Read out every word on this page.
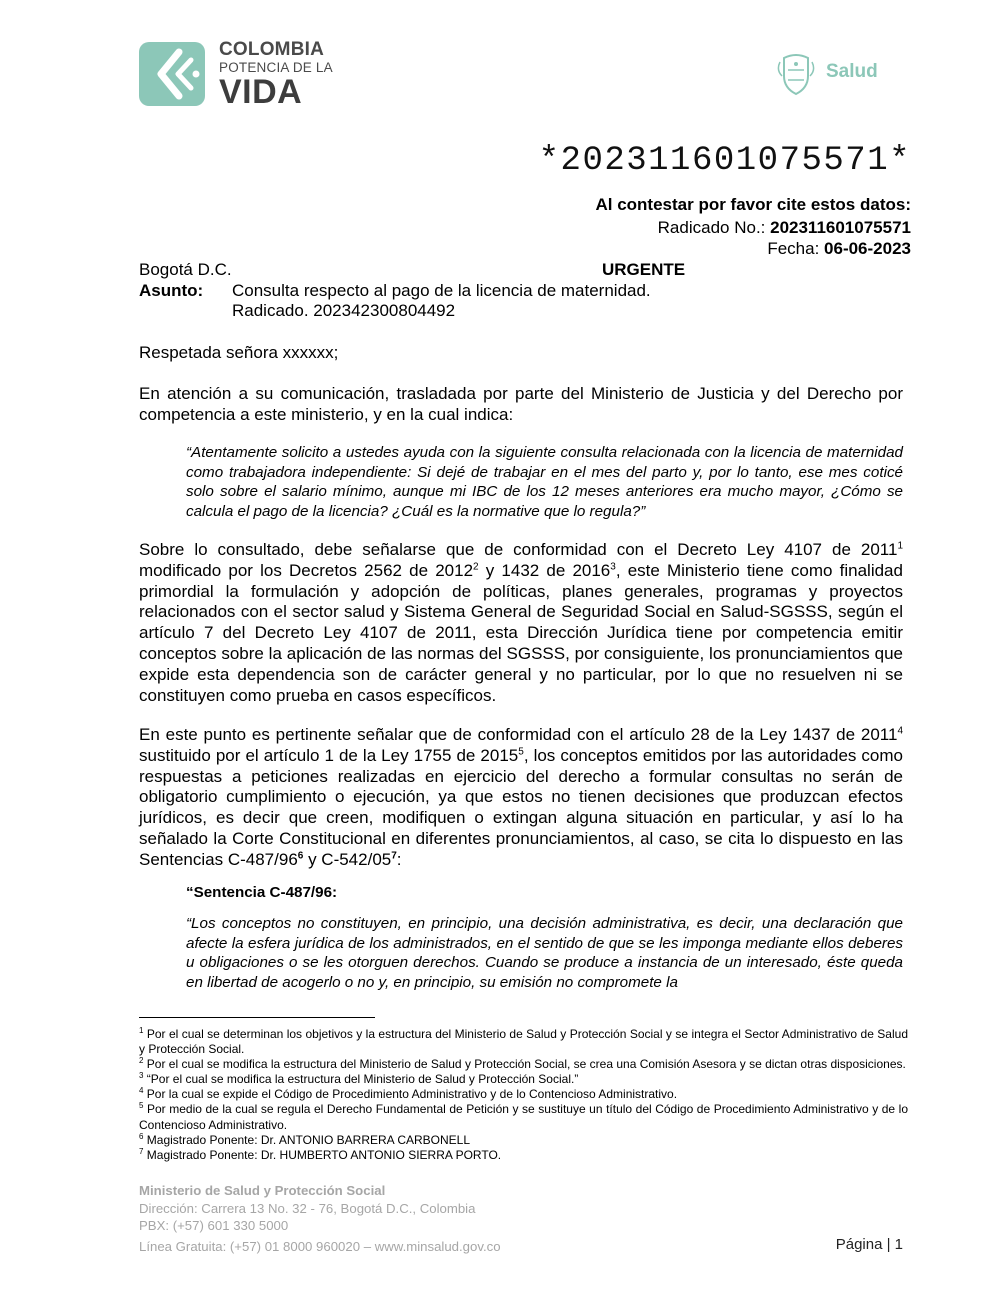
COLOMBIA
POTENCIA DE LA
VIDA
Salud
*202311601075571*
Al contestar por favor cite estos datos:
Radicado No.: 202311601075571
Fecha: 06-06-2023
Bogotá D.C.	URGENTE
Asunto: Consulta respecto al pago de la licencia de maternidad.
Radicado. 202342300804492
Respetada señora xxxxxx;
En atención a su comunicación, trasladada por parte del Ministerio de Justicia y del Derecho por competencia a este ministerio, y en la cual indica:
“Atentamente solicito a ustedes ayuda con la siguiente consulta relacionada con la licencia de maternidad como trabajadora independiente: Si dejé de trabajar en el mes del parto y, por lo tanto, ese mes coticé solo sobre el salario mínimo, aunque mi IBC de los 12 meses anteriores era mucho mayor, ¿Cómo se calcula el pago de la licencia? ¿Cuál es la normative que lo regula?”
Sobre lo consultado, debe señalarse que de conformidad con el Decreto Ley 4107 de 2011$^1$ modificado por los Decretos 2562 de 2012$^2$ y 1432 de 2016$^3$, este Ministerio tiene como finalidad primordial la formulación y adopción de políticas, planes generales, programas y proyectos relacionados con el sector salud y Sistema General de Seguridad Social en Salud-SGSSS, según el artículo 7 del Decreto Ley 4107 de 2011, esta Dirección Jurídica tiene por competencia emitir conceptos sobre la aplicación de las normas del SGSSS, por consiguiente, los pronunciamientos que expide esta dependencia son de carácter general y no particular, por lo que no resuelven ni se constituyen como prueba en casos específicos.
En este punto es pertinente señalar que de conformidad con el artículo 28 de la Ley 1437 de 2011$^4$ sustituido por el artículo 1 de la Ley 1755 de 2015$^5$, los conceptos emitidos por las autoridades como respuestas a peticiones realizadas en ejercicio del derecho a formular consultas no serán de obligatorio cumplimiento o ejecución, ya que estos no tienen decisiones que produzcan efectos jurídicos, es decir que creen, modifiquen o extingan alguna situación en particular, y así lo ha señalado la Corte Constitucional en diferentes pronunciamientos, al caso, se cita lo dispuesto en las Sentencias $C-487/96^6$ y $C-542/05^7$:
“Sentencia C-487/96:
“Los conceptos no constituyen, en principio, una decisión administrativa, es decir, una declaración que afecte la esfera jurídica de los administrados, en el sentido de que se les imponga mediante ellos deberes u obligaciones o se les otorguen derechos. Cuando se produce a instancia de un interesado, éste queda en libertad de acogerlo o no y, en principio, su emisión no compromete la

$^1$ Por el cual se determinan los objetivos y la estructura del Ministerio de Salud y Protección Social y se integra el Sector Administrativo de Salud y Protección Social.

$^2$ Por el cual se modifica la estructura del Ministerio de Salud y Protección Social, se crea una Comisión Asesora y se dictan otras disposiciones.

$^3$ “Por el cual se modifica la estructura del Ministerio de Salud y Protección Social.”

$^4$ Por la cual se expide el Código de Procedimiento Administrativo y de lo Contencioso Administrativo.

$^5$ Por medio de la cual se regula el Derecho Fundamental de Petición y se sustituye un título del Código de Procedimiento Administrativo y de lo Contencioso Administrativo.

$^6$ Magistrado Ponente: Dr. ANTONIO BARRERA CARBONELL

$^7$ Magistrado Ponente: Dr. HUMBERTO ANTONIO SIERRA PORTO.

Ministerio de Salud y Protección Social
Dirección: Carrera 13 No. 32 - 76, Bogotá D.C., Colombia
PBX: (+57) 601 330 5000
Línea Gratuita: (+57) 01 8000 960020 – www.minsalud.gov.co	Página | 1
